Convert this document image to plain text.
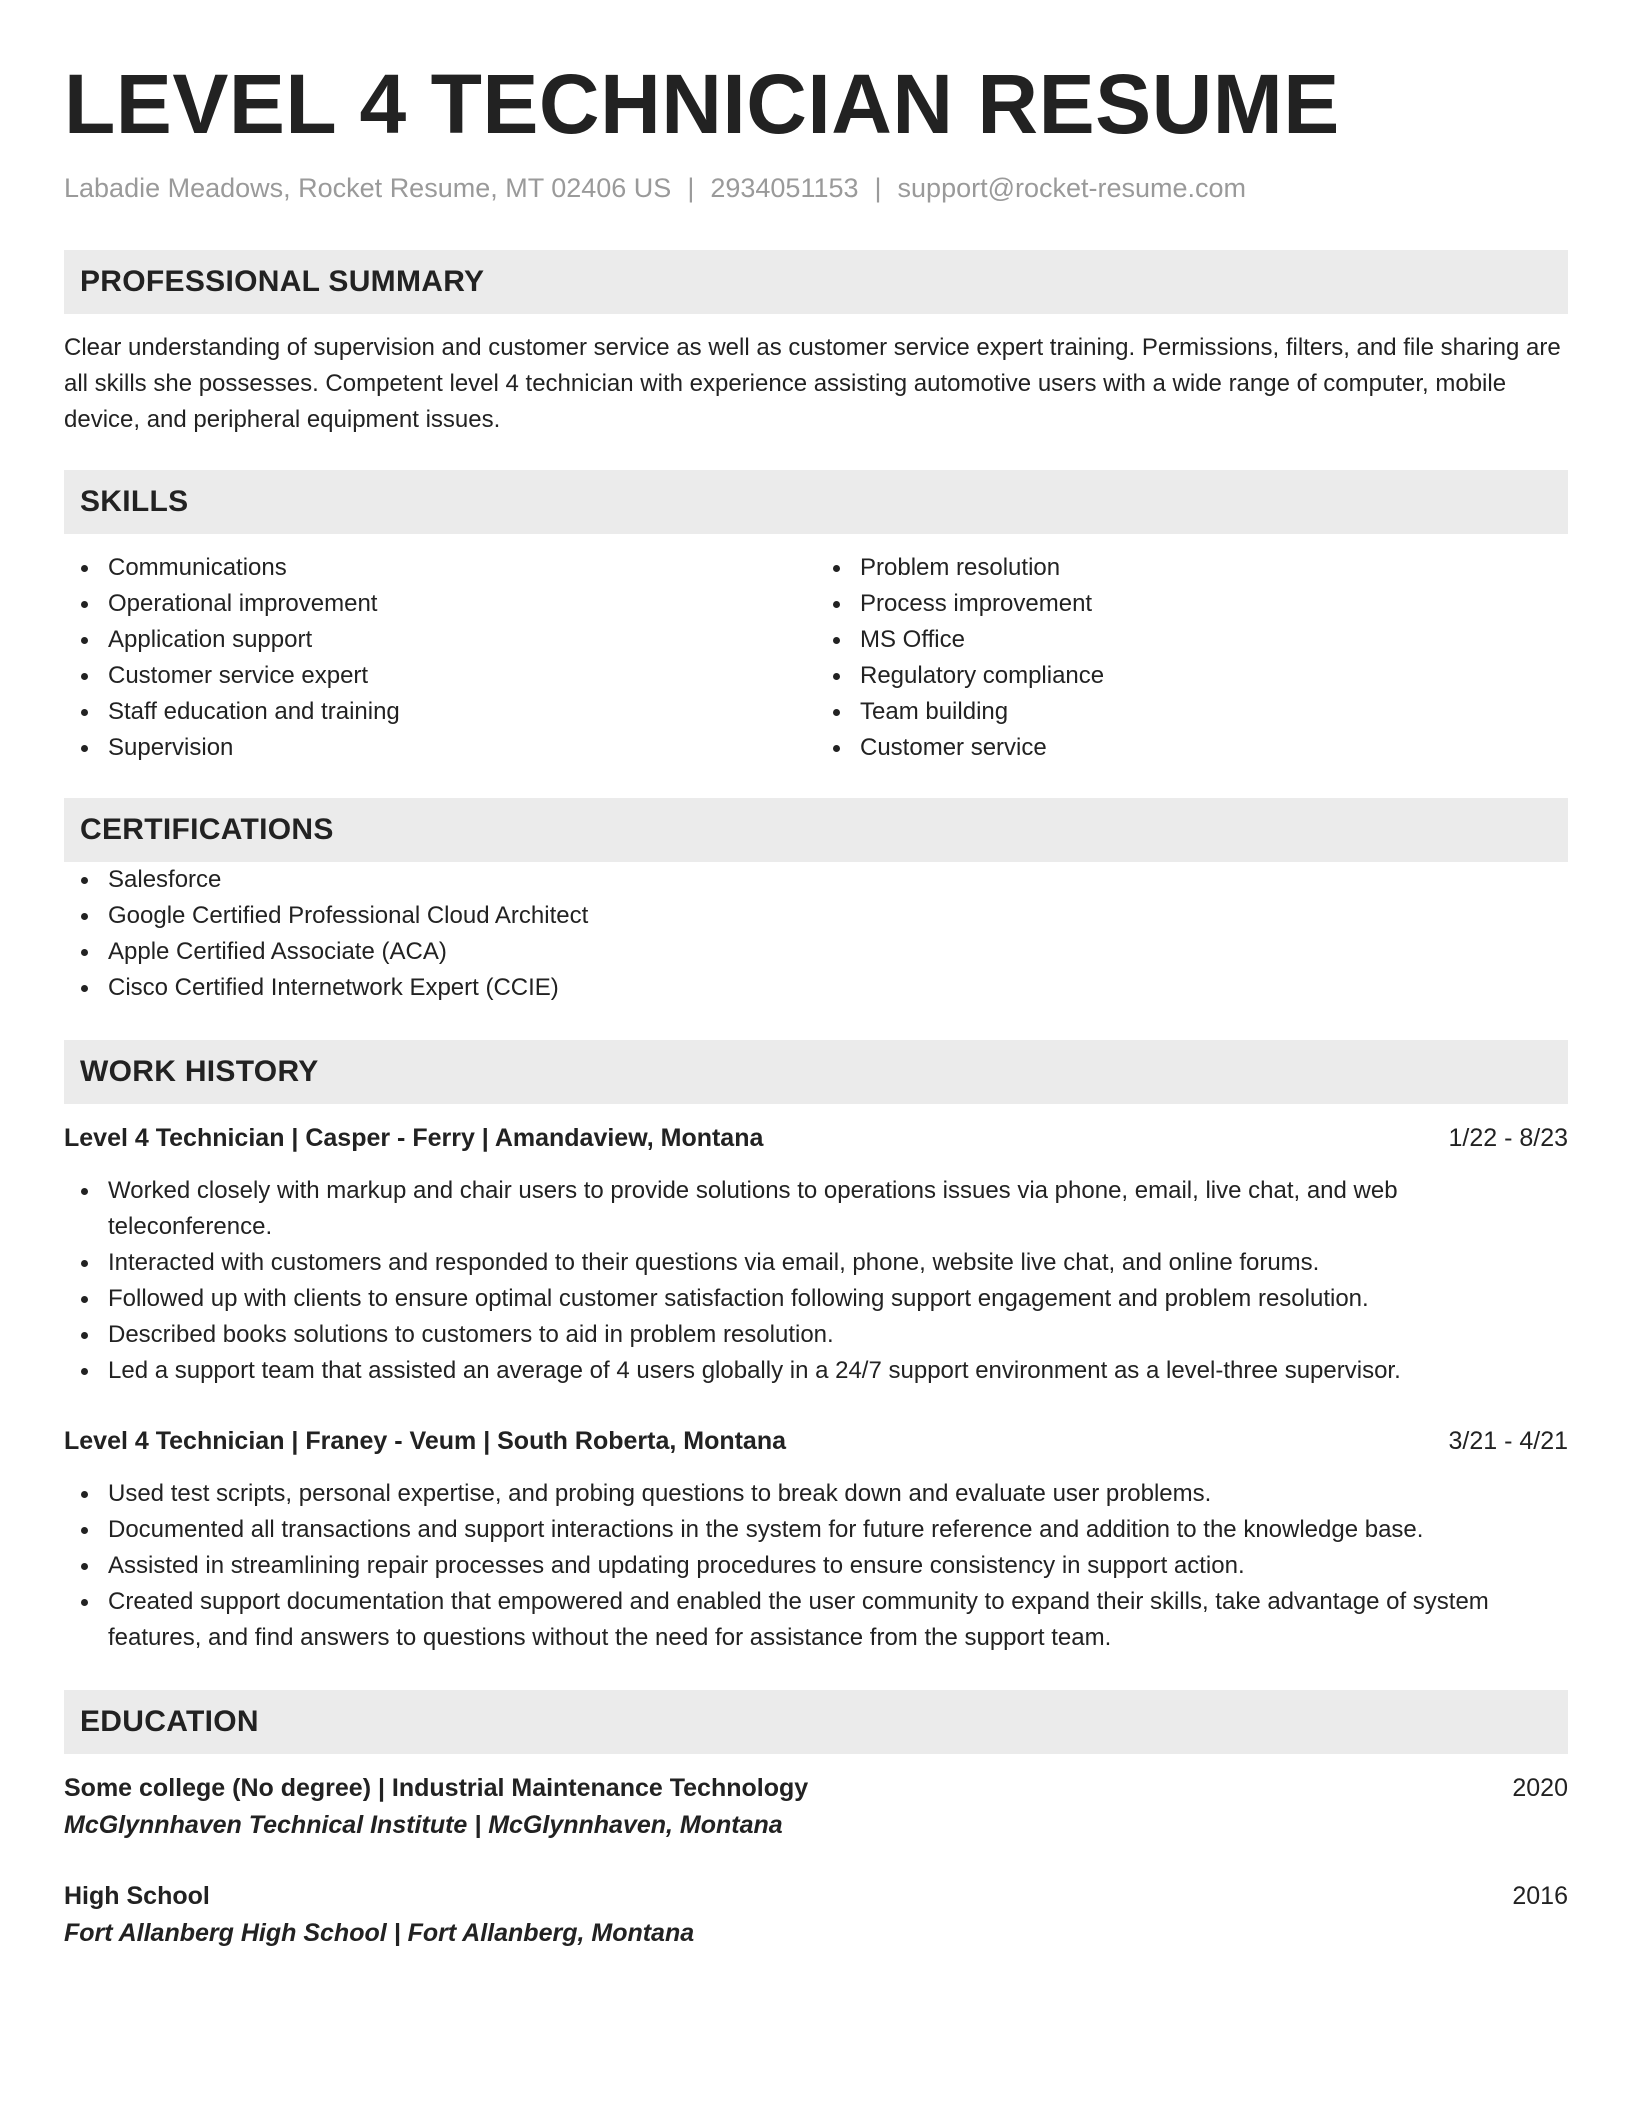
LEVEL 4 TECHNICIAN RESUME
Labadie Meadows, Rocket Resume, MT 02406 US | 2934051153 | support@rocket-resume.com
PROFESSIONAL SUMMARY

Clear understanding of supervision and customer service as well as customer service expert training. Permissions, filters, and file sharing are all skills she possesses. Competent level 4 technician with experience assisting automotive users with a wide range of computer, mobile device, and peripheral equipment issues.

SKILLS
Communications
Operational improvement
Application support
Customer service expert
Staff education and training
Supervision
Problem resolution
Process improvement
MS Office
Regulatory compliance
Team building
Customer service
CERTIFICATIONS
Salesforce
Google Certified Professional Cloud Architect
Apple Certified Associate (ACA)
Cisco Certified Internetwork Expert (CCIE)
WORK HISTORY
Level 4 Technician | Casper - Ferry | Amandaview, Montana	1/22 - 8/23
Worked closely with markup and chair users to provide solutions to operations issues via phone, email, live chat, and web teleconference.
Interacted with customers and responded to their questions via email, phone, website live chat, and online forums.
Followed up with clients to ensure optimal customer satisfaction following support engagement and problem resolution.
Described books solutions to customers to aid in problem resolution.
Led a support team that assisted an average of 4 users globally in a 24/7 support environment as a level-three supervisor.
Level 4 Technician | Franey - Veum | South Roberta, Montana	3/21 - 4/21
Used test scripts, personal expertise, and probing questions to break down and evaluate user problems.
Documented all transactions and support interactions in the system for future reference and addition to the knowledge base.
Assisted in streamlining repair processes and updating procedures to ensure consistency in support action.
Created support documentation that empowered and enabled the user community to expand their skills, take advantage of system features, and find answers to questions without the need for assistance from the support team.
EDUCATION
Some college (No degree) | Industrial Maintenance Technology	2020
McGlynnhaven Technical Institute | McGlynnhaven, Montana
High School	2016
Fort Allanberg High School | Fort Allanberg, Montana
